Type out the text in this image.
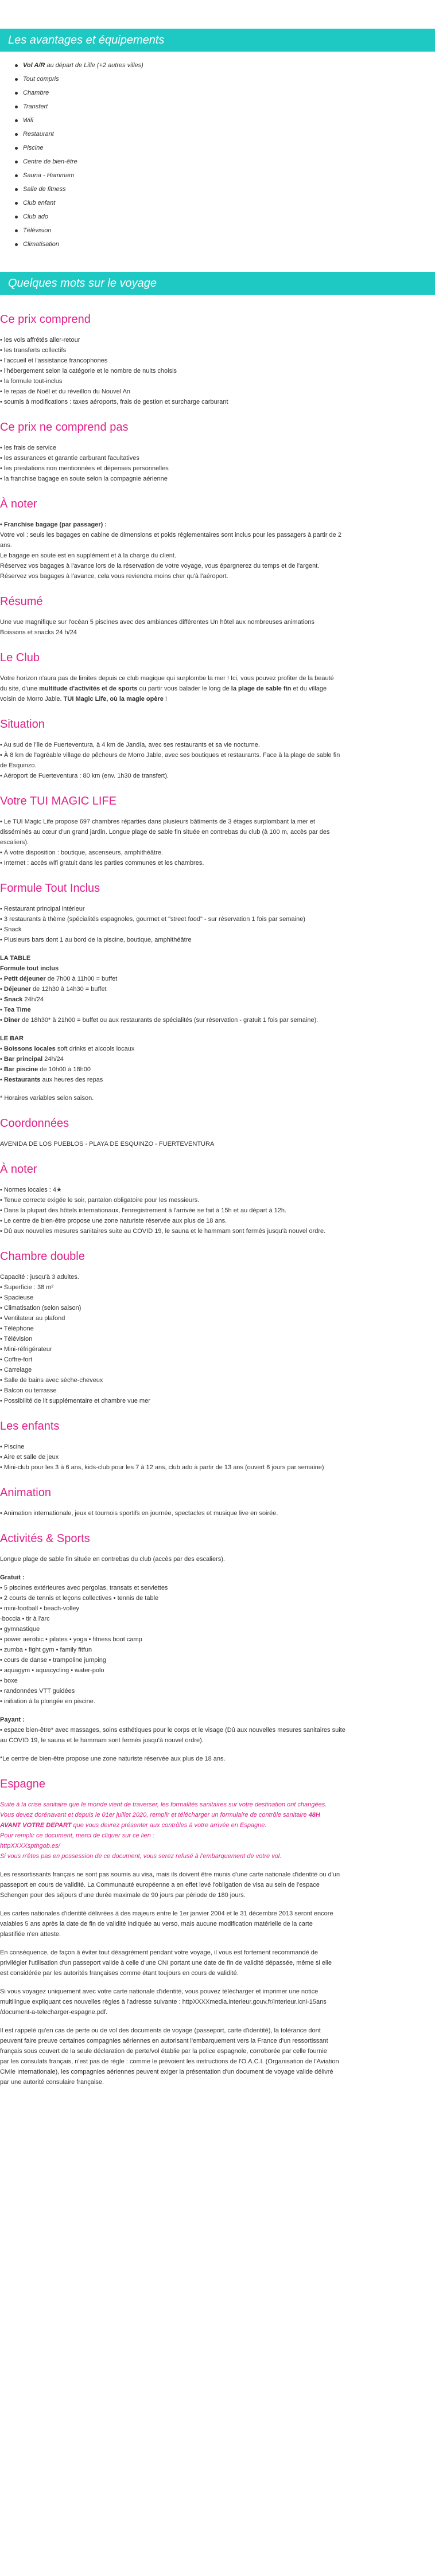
Les avantages et équipements
Vol A/R au départ de Lille (+2 autres villes)
Tout compris
Chambre
Transfert
Wifi
Restaurant
Piscine
Centre de bien-être
Sauna - Hammam
Salle de fitness
Club enfant
Club ado
Télévision
Climatisation
Quelques mots sur le voyage
Ce prix comprend

• les vols affrétés aller-retour

• les transferts collectifs

• l'accueil et l'assistance francophones

• l'hébergement selon la catégorie et le nombre de nuits choisis

• la formule tout-inclus

• le repas de Noël et du réveillon du Nouvel An

• soumis à modifications : taxes aéroports, frais de gestion et surcharge carburant

Ce prix ne comprend pas

• les frais de service

• les assurances et garantie carburant facultatives

• les prestations non mentionnées et dépenses personnelles

• la franchise bagage en soute selon la compagnie aérienne

À noter

• Franchise bagage (par passager) :

Votre vol : seuls les bagages en cabine de dimensions et poids réglementaires sont inclus pour les passagers à partir de 2

ans.

Le bagage en soute est en supplément et à la charge du client.

Réservez vos bagages à l'avance lors de la réservation de votre voyage, vous épargnerez du temps et de l'argent.

Réservez vos bagages à l'avance, cela vous reviendra moins cher qu'à l'aéroport.

Résumé

Une vue magnifique sur l'océan 5 piscines avec des ambiances différentes Un hôtel aux nombreuses animations

Boissons et snacks 24 h/24

Le Club

Votre horizon n'aura pas de limites depuis ce club magique qui surplombe la mer ! Ici, vous pouvez profiter de la beauté

du site, d'une multitude d'activités et de sports ou partir vous balader le long de la plage de sable fin et du village

voisin de Morro Jable. TUI Magic Life, où la magie opère !

Situation

• Au sud de l'île de Fuerteventura, à 4 km de Jandía, avec ses restaurants et sa vie nocturne.

• À 8 km de l'agréable village de pêcheurs de Morro Jable, avec ses boutiques et restaurants. Face à la plage de sable fin

de Esquinzo.

• Aéroport de Fuerteventura : 80 km (env. 1h30 de transfert).

Votre TUI MAGIC LIFE

• Le TUI Magic Life propose 697 chambres réparties dans plusieurs bâtiments de 3 étages surplombant la mer et

disséminés au cœur d'un grand jardin. Longue plage de sable fin située en contrebas du club (à 100 m, accès par des

escaliers).

• À votre disposition : boutique, ascenseurs, amphithéâtre.

• Internet : accès wifi gratuit dans les parties communes et les chambres.

Formule Tout Inclus

• Restaurant principal intérieur

• 3 restaurants à thème (spécialités espagnoles, gourmet et "street food" - sur réservation 1 fois par semaine)

• Snack

• Plusieurs bars dont 1 au bord de la piscine, boutique, amphithéâtre

LA TABLE

Formule tout inclus

• Petit déjeuner de 7h00 à 11h00 = buffet

• Déjeuner de 12h30 à 14h30 = buffet

• Snack 24h/24

• Tea Time

• Dîner de 18h30* à 21h00 = buffet ou aux restaurants de spécialités (sur réservation - gratuit 1 fois par semaine).

LE BAR

• Boissons locales soft drinks et alcools locaux

• Bar principal 24h/24

• Bar piscine de 10h00 à 18h00

• Restaurants aux heures des repas

* Horaires variables selon saison.

Coordonnées

AVENIDA DE LOS PUEBLOS - PLAYA DE ESQUINZO - FUERTEVENTURA

À noter

• Normes locales : 4★

• Tenue correcte exigée le soir, pantalon obligatoire pour les messieurs.

• Dans la plupart des hôtels internationaux, l'enregistrement à l'arrivée se fait à 15h et au départ à 12h.

• Le centre de bien-être propose une zone naturiste réservée aux plus de 18 ans.

• Dû aux nouvelles mesures sanitaires suite au COVID 19, le sauna et le hammam sont fermés jusqu'à nouvel ordre.

Chambre double

Capacité : jusqu'à 3 adultes.

• Superficie : 38 m²

• Spacieuse

• Climatisation (selon saison)

• Ventilateur au plafond

• Téléphone

• Télévision

• Mini-réfrigérateur

• Coffre-fort

• Carrelage

• Salle de bains avec sèche-cheveux

• Balcon ou terrasse

• Possibilité de lit supplémentaire et chambre vue mer

Les enfants

• Piscine

• Aire et salle de jeux

• Mini-club pour les 3 à 6 ans, kids-club pour les 7 à 12 ans, club ado à partir de 13 ans (ouvert 6 jours par semaine)

Animation

• Animation internationale, jeux et tournois sportifs en journée, spectacles et musique live en soirée.

Activités & Sports

Longue plage de sable fin située en contrebas du club (accès par des escaliers).

Gratuit :

• 5 piscines extérieures avec pergolas, transats et serviettes

• 2 courts de tennis et leçons collectives • tennis de table

• mini-football • beach-volley

·boccia • tir à l'arc

• gymnastique

• power aerobic • pilates • yoga • fitness boot camp

• zumba • fight gym • family fitfun

• cours de danse • trampoline jumping

• aquagym • aquacycling • water-polo

• boxe

• randonnées VTT guidées

• initiation à la plongée en piscine.

Payant :

• espace bien-être* avec massages, soins esthétiques pour le corps et le visage (Dû aux nouvelles mesures sanitaires suite

au COVID 19, le sauna et le hammam sont fermés jusqu'à nouvel ordre).

*Le centre de bien-être propose une zone naturiste réservée aux plus de 18 ans.

Espagne

Suite à la crise sanitaire que le monde vient de traverser, les formalités sanitaires sur votre destination ont changées.

Vous devez dorénavant et depuis le 01er juillet 2020, remplir et télécharger un formulaire de contrôle sanitaire 48H

AVANT VOTRE DEPART que vous devrez présenter aux contrôles à votre arrivée en Espagne.

Pour remplir ce document, merci de cliquer sur ce lien :

httpXXXXspthgob.es/

Si vous n'êtes pas en possession de ce document, vous serez refusé à l'embarquement de votre vol.

Les ressortissants français ne sont pas soumis au visa, mais ils doivent être munis d'une carte nationale d'identité ou d'un

passeport en cours de validité. La Communauté européenne a en effet levé l'obligation de visa au sein de l'espace

Schengen pour des séjours d'une durée maximale de 90 jours par période de 180 jours.

Les cartes nationales d'identité délivrées à des majeurs entre le 1er janvier 2004 et le 31 décembre 2013 seront encore

valables 5 ans après la date de fin de validité indiquée au verso, mais aucune modification matérielle de la carte

plastifiée n'en atteste.

En conséquence, de façon à éviter tout désagrément pendant votre voyage, il vous est fortement recommandé de

privilégier l'utilisation d'un passeport valide à celle d'une CNI portant une date de fin de validité dépassée, même si elle

est considérée par les autorités françaises comme étant toujours en cours de validité.

Si vous voyagez uniquement avec votre carte nationale d'identité, vous pouvez télécharger et imprimer une notice

multilingue expliquant ces nouvelles règles à l'adresse suivante : httpXXXXmedia.interieur.gouv.fr/interieur.icni-15ans

/document-a-telecharger-espagne.pdf.

Il est rappelé qu'en cas de perte ou de vol des documents de voyage (passeport, carte d'identité), la tolérance dont

peuvent faire preuve certaines compagnies aériennes en autorisant l'embarquement vers la France d'un ressortissant

français sous couvert de la seule déclaration de perte/vol établie par la police espagnole, corroborée par celle fournie

par les consulats français, n'est pas de règle : comme le prévoient les instructions de l'O.A.C.I. (Organisation de l'Aviation

Civile Internationale), les compagnies aériennes peuvent exiger la présentation d'un document de voyage valide délivré

par une autorité consulaire française.
